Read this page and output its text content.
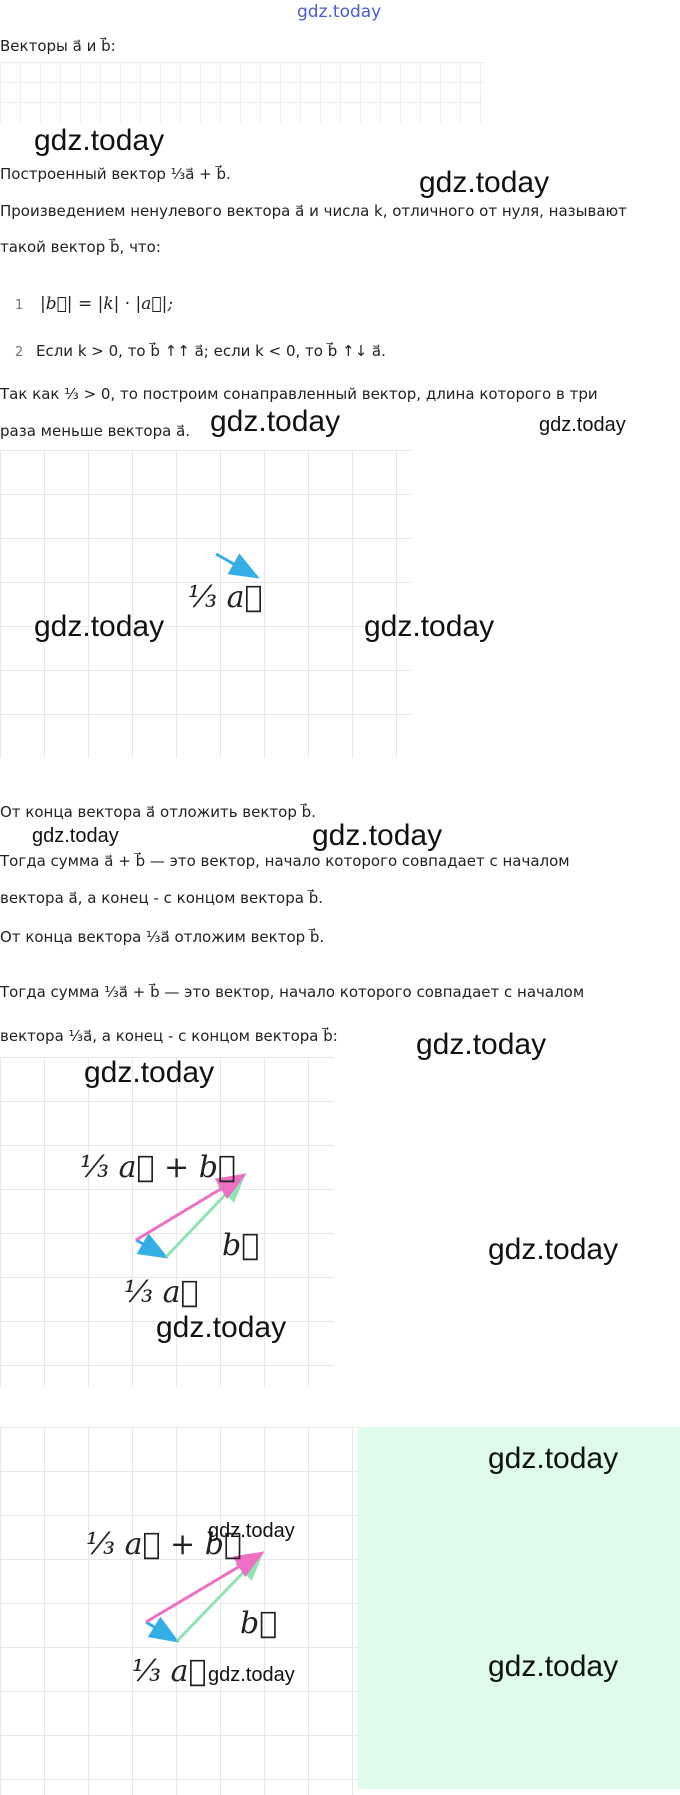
gdz.today
Векторы a⃗ и b⃗:
gdz.today
Построенный вектор ⅓a⃗ + b⃗.	gdz.today
Произведением ненулевого вектора a⃗ и числа k, отличного от нуля, называют
такой вектор b⃗, что:
1 |b⃗| = |k| · |a⃗|;
2 Если k > 0, то b⃗ ↑↑ a⃗; если k < 0, то b⃗ ↑↓ a⃗.
Так как ⅓ > 0, то построим сонаправленный вектор, длина которого в три
раза меньше вектора a⃗. gdz.today	gdz.today
⅓ a⃗
gdz.today	gdz.today
От конца вектора a⃗ отложить вектор b⃗.
gdz.today	gdz.today
Тогда сумма a⃗ + b⃗ — это вектор, начало которого совпадает с началом
вектора a⃗, а конец - с концом вектора b⃗.
От конца вектора ⅓a⃗ отложим вектор b⃗.
Тогда сумма ⅓a⃗ + b⃗ — это вектор, начало которого совпадает с началом
вектора ⅓a⃗, а конец - с концом вектора b⃗:	gdz.today
⅓ a⃗ + b⃗
b⃗
⅓ a⃗
gdz.today
gdz.today
gdz.today
⅓ a⃗ + b⃗
b⃗
⅓ a⃗
gdz.today
gdz.today
gdz.today
gdz.today
